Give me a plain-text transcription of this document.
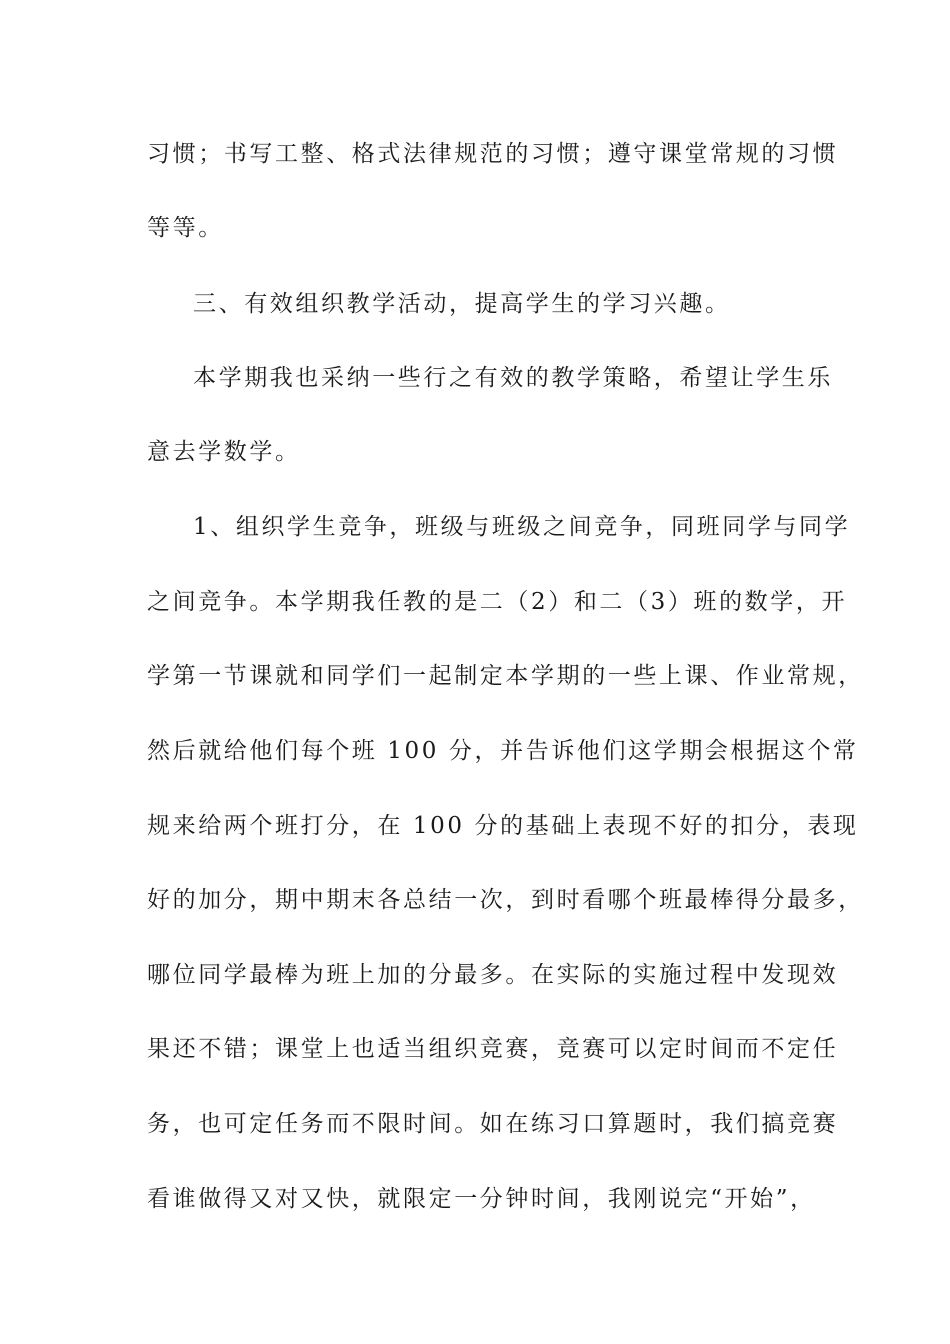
习惯；书写工整、格式法律规范的习惯；遵守课堂常规的习惯
等等。
三、有效组织教学活动，提高学生的学习兴趣。
本学期我也采纳一些行之有效的教学策略，希望让学生乐
意去学数学。
1、组织学生竞争，班级与班级之间竞争，同班同学与同学
之间竞争。本学期我任教的是二（2）和二（3）班的数学，开
学第一节课就和同学们一起制定本学期的一些上课、作业常规，
然后就给他们每个班 100 分，并告诉他们这学期会根据这个常
规来给两个班打分，在 100 分的基础上表现不好的扣分，表现
好的加分，期中期末各总结一次，到时看哪个班最棒得分最多，
哪位同学最棒为班上加的分最多。在实际的实施过程中发现效
果还不错；课堂上也适当组织竞赛，竞赛可以定时间而不定任
务，也可定任务而不限时间。如在练习口算题时，我们搞竞赛
看谁做得又对又快，就限定一分钟时间，我刚说完“开始”，
